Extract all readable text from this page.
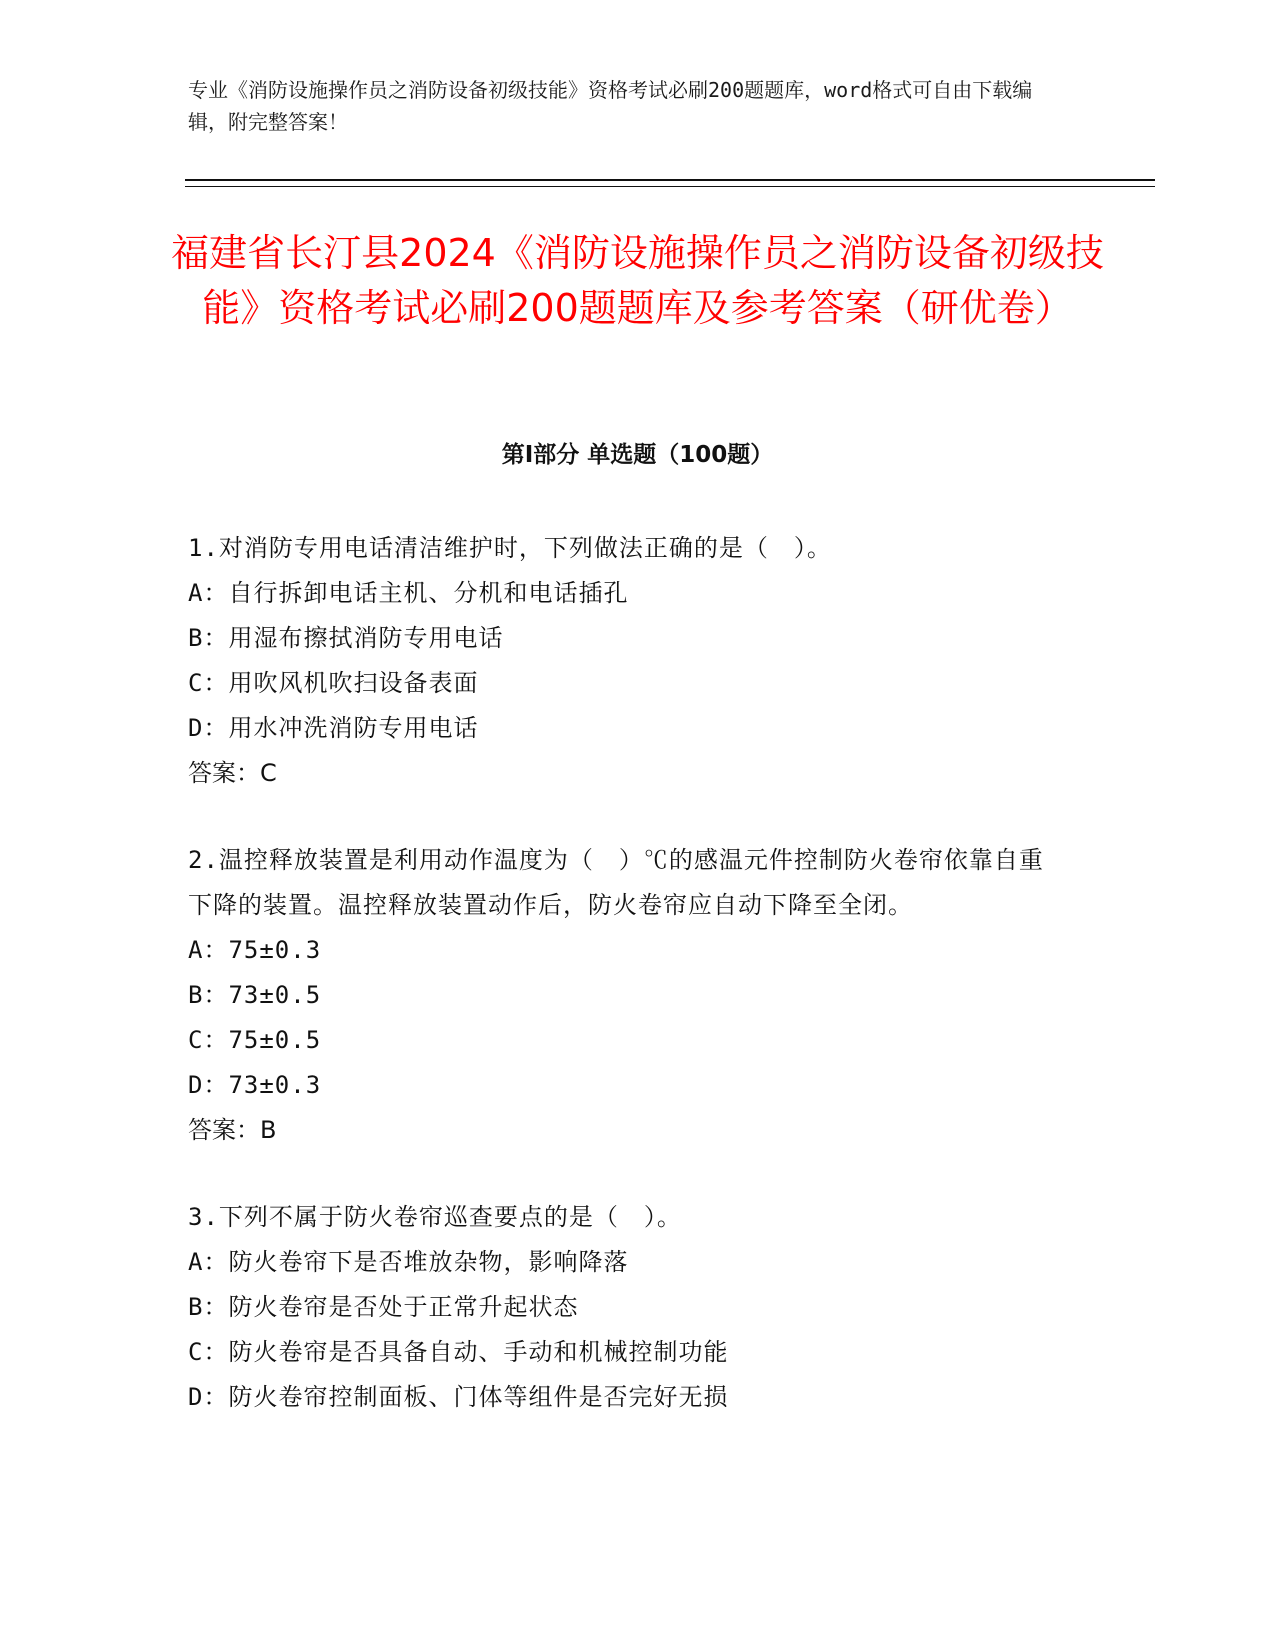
专业《消防设施操作员之消防设备初级技能》资格考试必刷200题题库，word格式可自由下载编辑，附完整答案！
福建省长汀县2024《消防设施操作员之消防设备初级技能》资格考试必刷200题题库及参考答案（研优卷）
第Ⅰ部分 单选题（100题）
1.对消防专用电话清洁维护时，下列做法正确的是（　）。
A：自行拆卸电话主机、分机和电话插孔
B：用湿布擦拭消防专用电话
C：用吹风机吹扫设备表面
D：用水冲洗消防专用电话
答案：C
2.温控释放装置是利用动作温度为（　）℃的感温元件控制防火卷帘依靠自重下降的装置。温控释放装置动作后，防火卷帘应自动下降至全闭。
A：75±0.3
B：73±0.5
C：75±0.5
D：73±0.3
答案：B
3.下列不属于防火卷帘巡查要点的是（　）。
A：防火卷帘下是否堆放杂物，影响降落
B：防火卷帘是否处于正常升起状态
C：防火卷帘是否具备自动、手动和机械控制功能
D：防火卷帘控制面板、门体等组件是否完好无损
